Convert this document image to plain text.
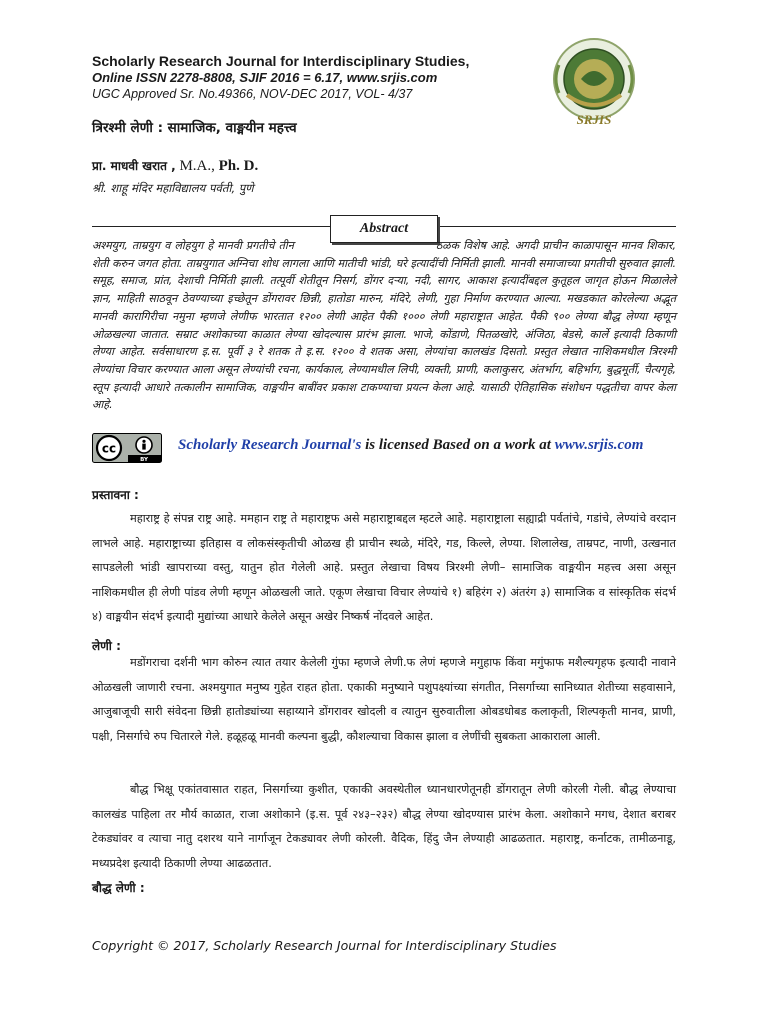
Scholarly Research Journal for Interdisciplinary Studies,
Online ISSN 2278-8808, SJIF 2016 = 6.17, www.srjis.com
UGC Approved Sr. No.49366, NOV-DEC 2017, VOL- 4/37
SRJIS
त्रिरश्मी लेणी : सामाजिक, वाङ्मयीन महत्त्व
प्रा. माधवी खरात , M.A., Ph. D.
श्री. शाहू मंदिर महाविद्यालय पर्वती, पुणे
Abstract
अश्मयुग, ताम्रयुग व लोहयुग हे मानवी प्रगतीचे तीन	ठळक विशेष आहे. अगदी प्राचीन काळापासून मानव शिकार, शेती करुन जगत होता. ताम्रयुगात अग्निचा शोध लागला आणि मातीची भांडी, घरे इत्यादींची निर्मिती झाली. मानवी समाजाच्या प्रगतीची सुरुवात झाली. समूह, समाज, प्रांत, देशाची निर्मिती झाली. तत्पूर्वी शेतीतून निसर्ग, डोंगर दऱ्या, नदी, सागर, आकाश इत्यादींबद्दल कुतूहल जागृत होऊन मिळालेले ज्ञान, माहिती साठवून ठेवण्याच्या इच्छेतून डोंगरावर छिन्नी, हातोडा मारुन, मंदिरे, लेणी, गुहा निर्माण करण्यात आल्या. मखडकात कोरलेल्या अद्भूत मानवी कारागिरीचा नमुना म्हणजे लेणीफ भारतात १२०० लेणी आहेत पैकी १००० लेणी महाराष्ट्रात आहेत. पैकी ९०० लेण्या बौद्ध लेण्या म्हणून ओळखल्या जातात. सम्राट अशोकाच्या काळात लेण्या खोदल्यास प्रारंभ झाला. भाजे, कोंडाणे, पितळखोरे, अंजिठा, बेडसे, कार्ले इत्यादी ठिकाणी लेण्या आहेत. सर्वसाधारण इ.स. पूर्वी ३ रे शतक ते इ.स. १२०० वे शतक असा, लेण्यांचा कालखंड दिसतो. प्रस्तुत लेखात नाशिकमधील त्रिरश्मी लेण्यांचा विचार करण्यात आला असून लेण्यांची रचना, कार्यकाल, लेण्यामधील लिपी, व्यक्ती, प्राणी, कलाकुसर, अंतर्भाग, बहिर्भाग, बुद्धमूर्ती, चैत्यगृहे, स्तूप इत्यादी आधारे तत्कालीन सामाजिक, वाङ्मयीन बाबींवर प्रकाश टाकण्याचा प्रयत्न केला आहे. यासाठी ऐतिहासिक संशोधन पद्धतीचा वापर केला आहे.
cc
BY
Scholarly Research Journal's is licensed Based on a work at www.srjis.com
प्रस्तावना :
महाराष्ट्र हे संपन्न राष्ट्र आहे. ममहान राष्ट्र ते महाराष्ट्रफ असे महाराष्ट्राबद्दल म्हटले आहे. महाराष्ट्राला सह्याद्री पर्वतांचे, गडांचे, लेण्यांचे वरदान लाभले आहे. महाराष्ट्राच्या इतिहास व लोकसंस्कृतीची ओळख ही प्राचीन स्थळे, मंदिरे, गड, किल्ले, लेण्या. शिलालेख, ताम्रपट, नाणी, उत्खनात सापडलेली भांडी खापराच्या वस्तु, यातुन होत गेलेली आहे. प्रस्तुत लेखाचा विषय त्रिरश्मी लेणी– सामाजिक वाङ्मयीन महत्त्व असा असून नाशिकमधील ही लेणी पांडव लेणी म्हणून ओळखली जाते. एकूण लेखाचा विचार लेण्यांचे १) बहिरंग २) अंतरंग ३) सामाजिक व सांस्कृतिक संदर्भ ४) वाङ्मयीन संदर्भ इत्यादी मुद्यांच्या आधारे केलेले असून अखेर निष्कर्ष नोंदवले आहेत.
लेणी :
मडोंगराचा दर्शनी भाग कोरुन त्यात तयार केलेली गुंफा म्हणजे लेणी.फ लेणं म्हणजे मगुहाफ किंवा मगुंफाफ मशैल्यगृहफ इत्यादी नावाने ओळखली जाणारी रचना. अश्मयुगात मनुष्य गुहेत राहत होता. एकाकी मनुष्याने पशुपक्ष्यांच्या संगतीत, निसर्गाच्या सानिध्यात शेतीच्या सहवासाने, आजुबाजूची सारी संवेदना छिन्नी हातोड्यांच्या सहाय्याने डोंगरावर खोदली व त्यातुन सुरुवातीला ओबडधोबड कलाकृती, शिल्पकृती मानव, प्राणी, पक्षी, निसर्गाचे रुप चितारले गेले. हळूहळू मानवी कल्पना बुद्धी, कौशल्याचा विकास झाला व लेणींची सुबकता आकाराला आली.
बौद्ध भिक्षू एकांतवासात राहत, निसर्गाच्या कुशीत, एकाकी अवस्थेतील ध्यानधारणेतूनही डोंगरातून लेणी कोरली गेली. बौद्ध लेण्याचा कालखंड पाहिला तर मौर्य काळात, राजा अशोकाने (इ.स. पूर्व २४३–२३२) बौद्ध लेण्या खोदण्यास प्रारंभ केला. अशोकाने मगध, देशात बराबर टेकड्यांवर व त्याचा नातु दशरथ याने नार्गाजून टेकड्यावर लेणी कोरली. वैदिक, हिंदु जैन लेण्याही आढळतात. महाराष्ट्र, कर्नाटक, तामीळनाडू, मध्यप्रदेश इत्यादी ठिकाणी लेण्या आढळतात.
बौद्ध लेणी :
Copyright © 2017, Scholarly Research Journal for Interdisciplinary Studies
